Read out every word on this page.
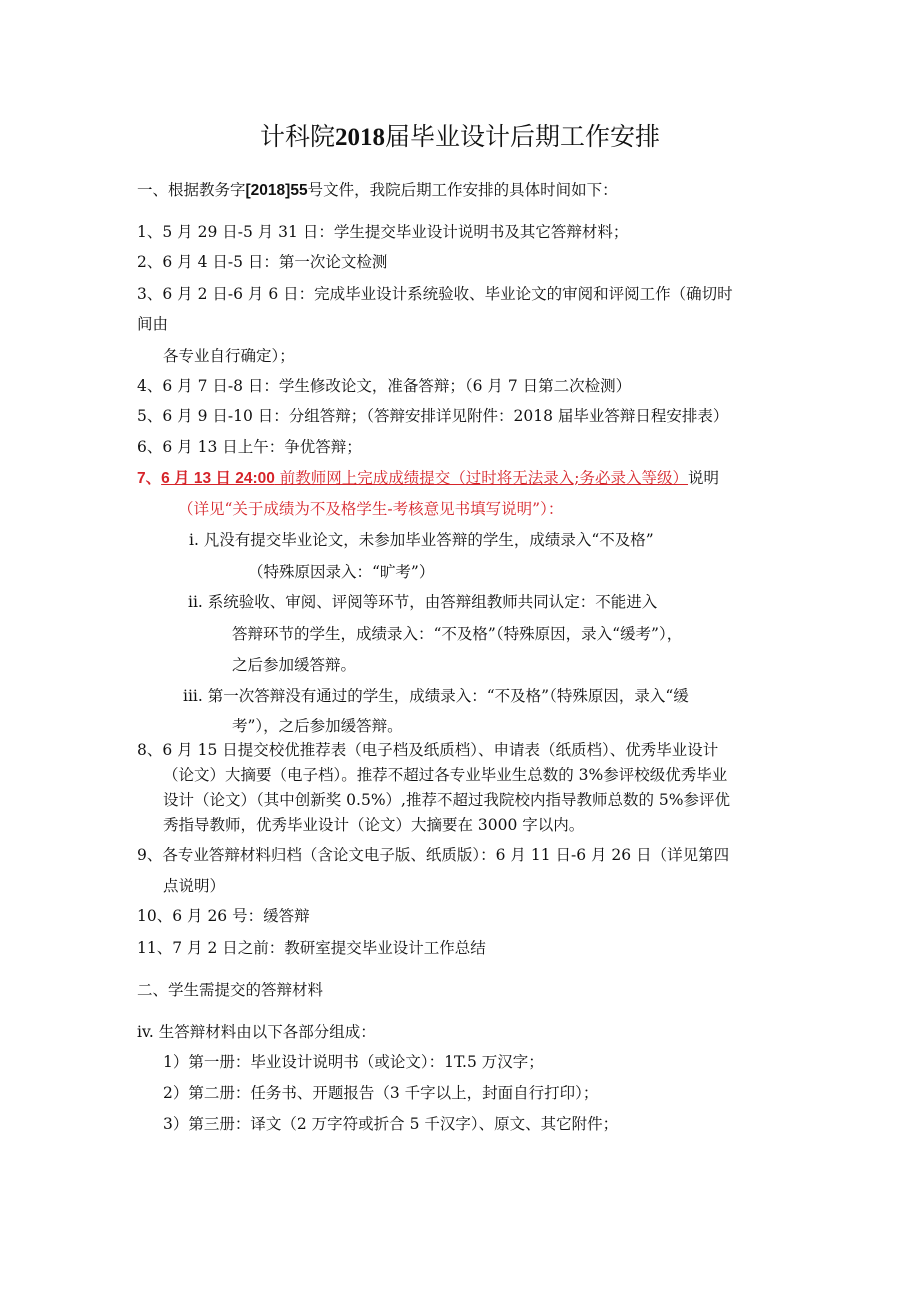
计科院2018届毕业设计后期工作安排
一、根据教务字[2018]55号文件，我院后期工作安排的具体时间如下：
1、5 月 29 日-5 月 31 日：学生提交毕业设计说明书及其它答辩材料；
2、6 月 4 日-5 日：第一次论文检测
3、6 月 2 日-6 月 6 日：完成毕业设计系统验收、毕业论文的审阅和评阅工作（确切时
间由
各专业自行确定）；
4、6 月 7 日-8 日：学生修改论文，准备答辩；（6 月 7 日第二次检测）
5、6 月 9 日-10 日：分组答辩；（答辩安排详见附件：2018 届毕业答辩日程安排表）
6、6 月 13 日上午：争优答辩；
7、6 月 13 日 24:00 前教师网上完成成绩提交（过时将无法录入;务必录入等级）说明
（详见“关于成绩为不及格学生-考核意见书填写说明”）：
i. 凡没有提交毕业论文，未参加毕业答辩的学生，成绩录入“不及格”
（特殊原因录入：“旷考”）
ii. 系统验收、审阅、评阅等环节，由答辩组教师共同认定：不能进入
答辩环节的学生，成绩录入：“不及格”（特殊原因，录入“缓考”），
之后参加缓答辩。
iii. 第一次答辩没有通过的学生，成绩录入：“不及格”（特殊原因，录入“缓
考”），之后参加缓答辩。
8、6 月 15 日提交校优推荐表（电子档及纸质档）、申请表（纸质档）、优秀毕业设计
（论文）大摘要（电子档）。推荐不超过各专业毕业生总数的 3%参评校级优秀毕业
设计（论文）（其中创新奖 0.5%）,推荐不超过我院校内指导教师总数的 5%参评优
秀指导教师，优秀毕业设计（论文）大摘要在 3000 字以内。
9、各专业答辩材料归档（含论文电子版、纸质版）：6 月 11 日-6 月 26 日（详见第四
点说明）
10、6 月 26 号：缓答辩
11、7 月 2 日之前：教研室提交毕业设计工作总结
二、学生需提交的答辩材料
iv. 生答辩材料由以下各部分组成：
1）第一册：毕业设计说明书（或论文）：1T.5 万汉字；
2）第二册：任务书、开题报告（3 千字以上，封面自行打印）；
3）第三册：译文（2 万字符或折合 5 千汉字）、原文、其它附件；
